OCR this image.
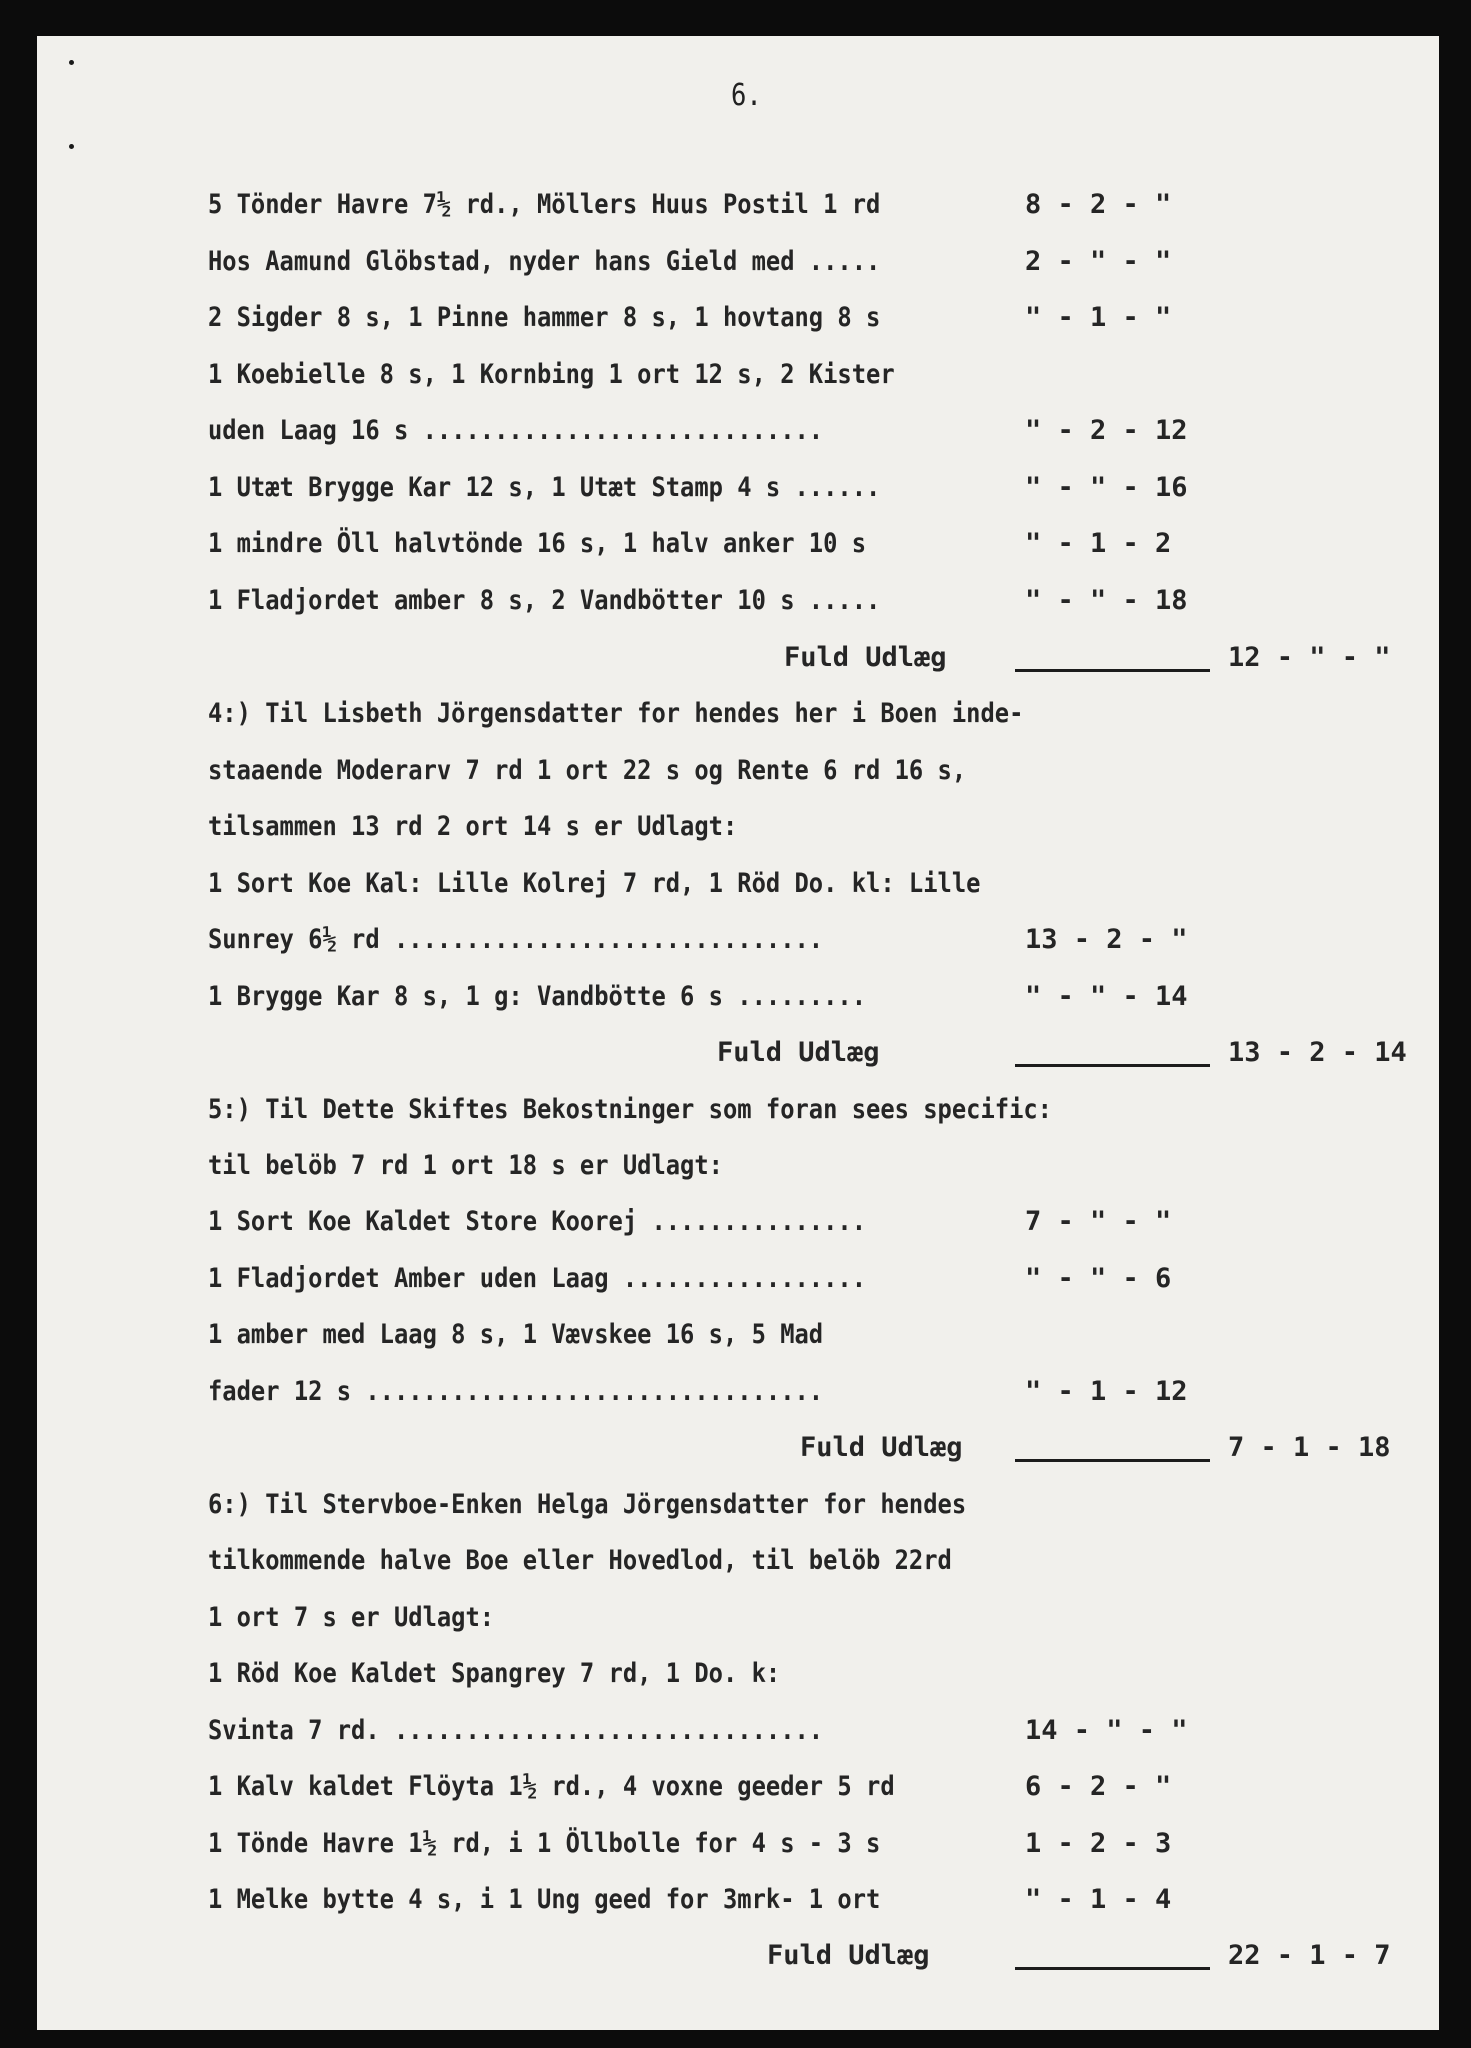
6.
5 Tönder Havre 7½ rd., Möllers Huus Postil 1 rd	8 - 2 - "
Hos Aamund Glöbstad, nyder hans Gield med .....	2 - " - "
2 Sigder 8 s, 1 Pinne hammer 8 s, 1 hovtang 8 s	" - 1 - "
1 Koebielle 8 s, 1 Kornbing 1 ort 12 s, 2 Kister
uden Laag 16 s ............................	" - 2 - 12
1 Utæt Brygge Kar 12 s, 1 Utæt Stamp 4 s ......	" - " - 16
1 mindre Öll halvtönde 16 s, 1 halv anker 10 s	" - 1 - 2
1 Fladjordet amber 8 s, 2 Vandbötter 10 s .....	" - " - 18
Fuld Udlæg	12 - " - "
4:) Til Lisbeth Jörgensdatter for hendes her i Boen inde-
staaende Moderarv 7 rd 1 ort 22 s og Rente 6 rd 16 s,
tilsammen 13 rd 2 ort 14 s er Udlagt:
1 Sort Koe Kal: Lille Kolrej 7 rd, 1 Röd Do. kl: Lille
Sunrey 6½ rd ..............................	13 - 2 - "
1 Brygge Kar 8 s, 1 g: Vandbötte 6 s .........	" - " - 14
Fuld Udlæg	13 - 2 - 14
5:) Til Dette Skiftes Bekostninger som foran sees specific:
til belöb 7 rd 1 ort 18 s er Udlagt:
1 Sort Koe Kaldet Store Koorej ...............	7 - " - "
1 Fladjordet Amber uden Laag .................	" - " - 6
1 amber med Laag 8 s, 1 Vævskee 16 s, 5 Mad
fader 12 s ................................	" - 1 - 12
Fuld Udlæg	7 - 1 - 18
6:) Til Stervboe-Enken Helga Jörgensdatter for hendes
tilkommende halve Boe eller Hovedlod, til belöb 22rd
1 ort 7 s er Udlagt:
1 Röd Koe Kaldet Spangrey 7 rd, 1 Do. k:
Svinta 7 rd. ..............................	14 - " - "
1 Kalv kaldet Flöyta 1½ rd., 4 voxne geeder 5 rd	6 - 2 - "
1 Tönde Havre 1½ rd, i 1 Öllbolle for 4 s - 3 s	1 - 2 - 3
1 Melke bytte 4 s, i 1 Ung geed for 3mrk- 1 ort	" - 1 - 4
Fuld Udlæg	22 - 1 - 7
